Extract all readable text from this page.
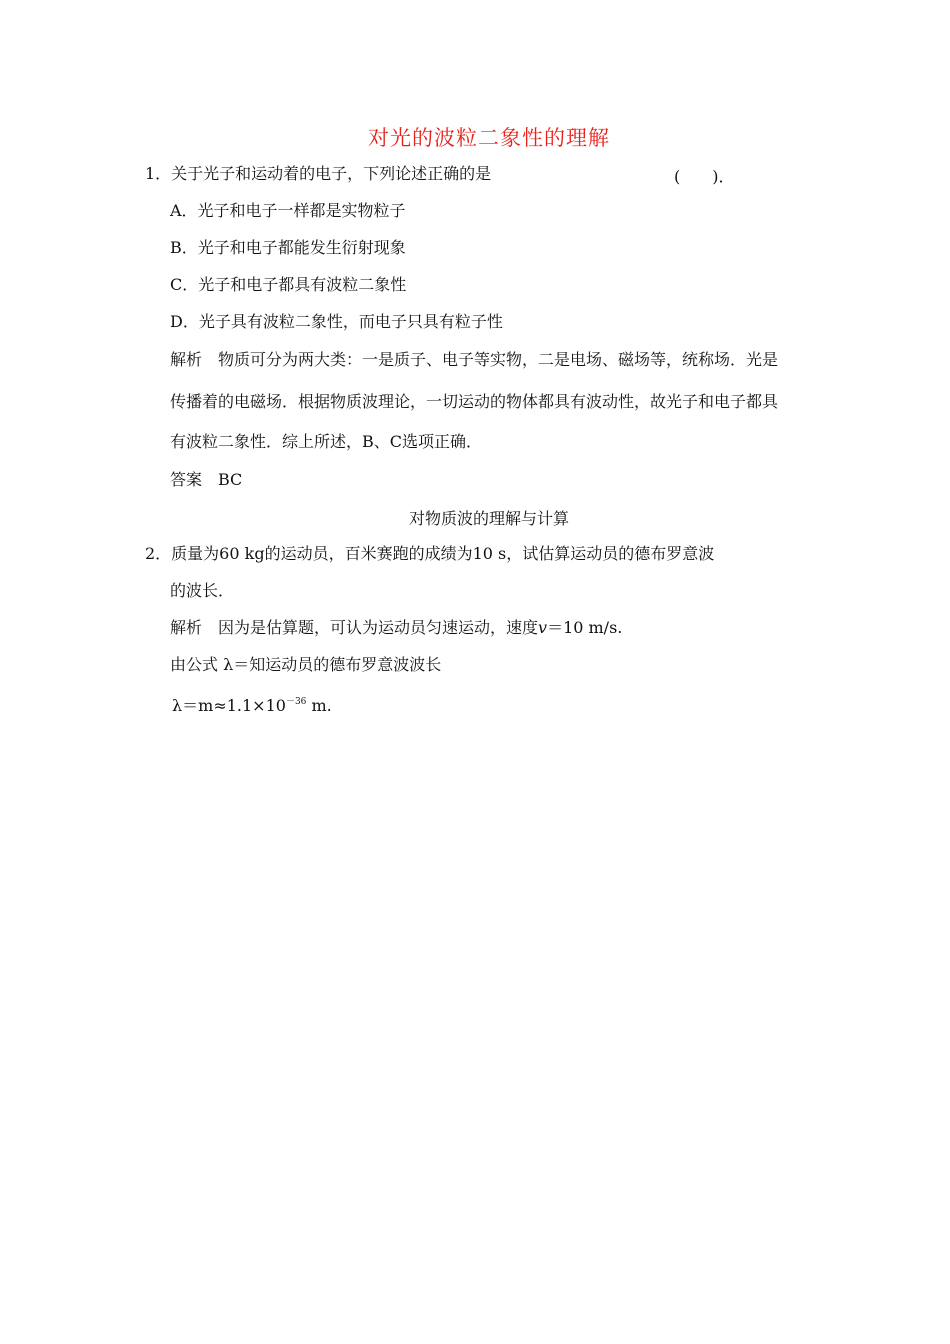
对光的波粒二象性的理解
1．关于光子和运动着的电子，下列论述正确的是	(　　)．
A．光子和电子一样都是实物粒子
B．光子和电子都能发生衍射现象
C．光子和电子都具有波粒二象性
D．光子具有波粒二象性，而电子只具有粒子性
解析　物质可分为两大类：一是质子、电子等实物，二是电场、磁场等，统称场．光是
传播着的电磁场．根据物质波理论，一切运动的物体都具有波动性，故光子和电子都具
有波粒二象性．综上所述，B、C选项正确．
答案　BC
对物质波的理解与计算
2．质量为60 kg的运动员，百米赛跑的成绩为10 s，试估算运动员的德布罗意波
的波长．
解析　因为是估算题，可认为运动员匀速运动，速度v＝10 m/s.
由公式 λ＝知运动员的德布罗意波波长
$\lambda=m\approx 1.1\times 10^{-36}$ m.
